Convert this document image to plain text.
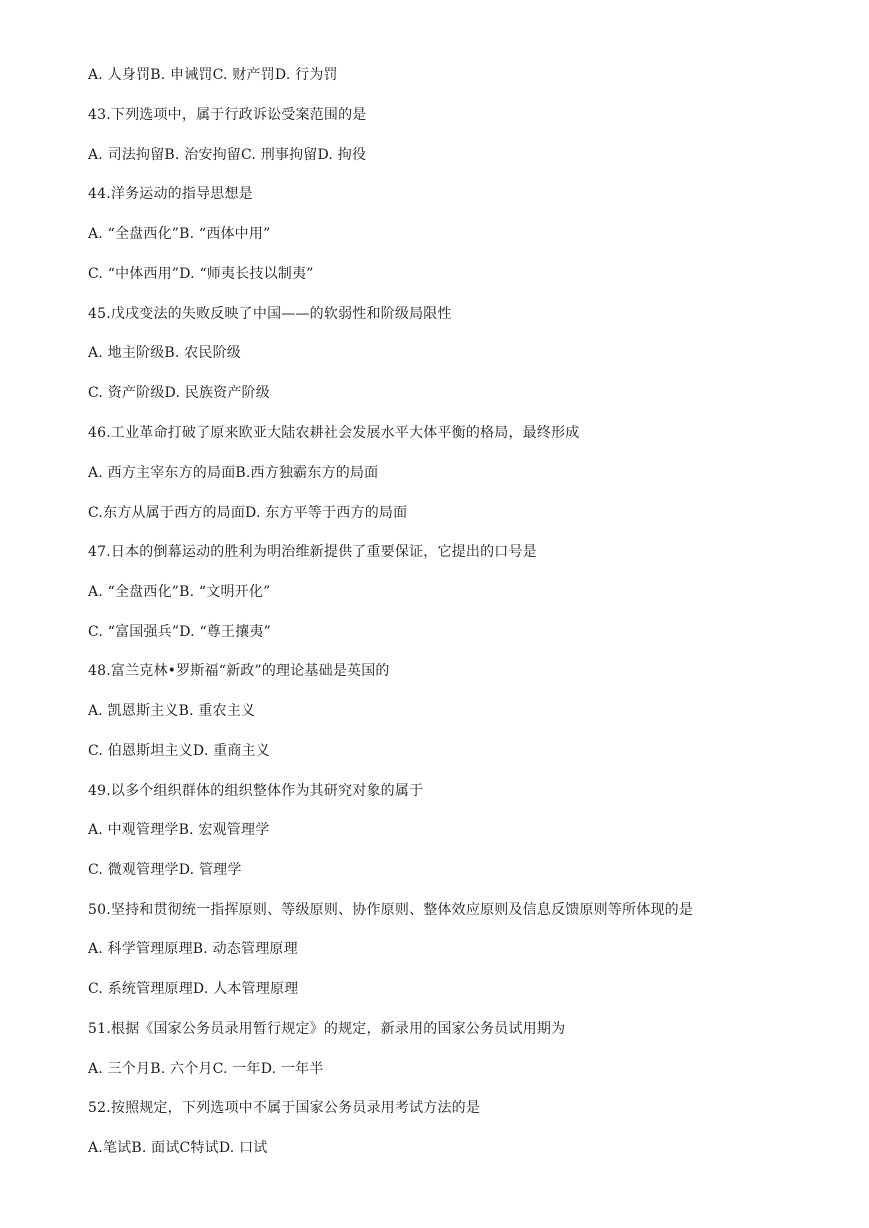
A. 人身罚B. 申诫罚C. 财产罚D. 行为罚
43.下列选项中，属于行政诉讼受案范围的是
A. 司法拘留B. 治安拘留C. 刑事拘留D. 拘役
44.洋务运动的指导思想是
A. “全盘西化”B. “西体中用”
C. “中体西用”D. “师夷长技以制夷”
45.戊戌变法的失败反映了中国——的软弱性和阶级局限性
A. 地主阶级B. 农民阶级
C. 资产阶级D. 民族资产阶级
46.工业革命打破了原来欧亚大陆农耕社会发展水平大体平衡的格局，最终形成
A. 西方主宰东方的局面B.西方独霸东方的局面
C.东方从属于西方的局面D. 东方平等于西方的局面
47.日本的倒幕运动的胜利为明治维新提供了重要保证，它提出的口号是
A. “全盘西化”B. “文明开化”
C. “富国强兵”D. “尊王攘夷”
48.富兰克林•罗斯福“新政”的理论基础是英国的
A. 凯恩斯主义B. 重农主义
C. 伯恩斯坦主义D. 重商主义
49.以多个组织群体的组织整体作为其研究对象的属于
A. 中观管理学B. 宏观管理学
C. 微观管理学D. 管理学
50.坚持和贯彻统一指挥原则、等级原则、协作原则、整体效应原则及信息反馈原则等所体现的是
A. 科学管理原理B. 动态管理原理
C. 系统管理原理D. 人本管理原理
51.根据《国家公务员录用暂行规定》的规定，新录用的国家公务员试用期为
A. 三个月B. 六个月C. 一年D. 一年半
52.按照规定，下列选项中不属于国家公务员录用考试方法的是
A.笔试B. 面试C特试D. 口试
